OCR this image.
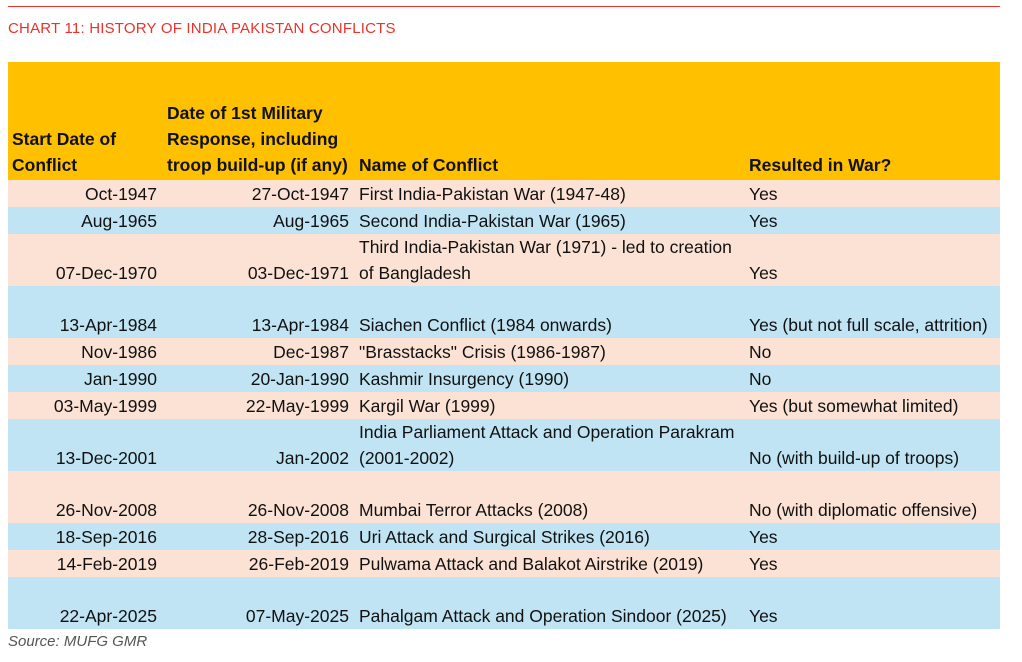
CHART 11: HISTORY OF INDIA PAKISTAN CONFLICTS
Start Date of Conflict	Date of 1st Military Response, including troop build-up (if any)	Name of Conflict	Resulted in War?
Oct-1947	27-Oct-1947	First India-Pakistan War (1947-48)	Yes
Aug-1965	Aug-1965	Second India-Pakistan War (1965)	Yes
07-Dec-1970	03-Dec-1971	Third India-Pakistan War (1971) - led to creation of Bangladesh	Yes
13-Apr-1984	13-Apr-1984	Siachen Conflict (1984 onwards)	Yes (but not full scale, attrition)
Nov-1986	Dec-1987	"Brasstacks" Crisis (1986-1987)	No
Jan-1990	20-Jan-1990	Kashmir Insurgency (1990)	No
03-May-1999	22-May-1999	Kargil War (1999)	Yes (but somewhat limited)
13-Dec-2001	Jan-2002	India Parliament Attack and Operation Parakram (2001-2002)	No (with build-up of troops)
26-Nov-2008	26-Nov-2008	Mumbai Terror Attacks (2008)	No (with diplomatic offensive)
18-Sep-2016	28-Sep-2016	Uri Attack and Surgical Strikes (2016)	Yes
14-Feb-2019	26-Feb-2019	Pulwama Attack and Balakot Airstrike (2019)	Yes
22-Apr-2025	07-May-2025	Pahalgam Attack and Operation Sindoor (2025)	Yes
Source: MUFG GMR
